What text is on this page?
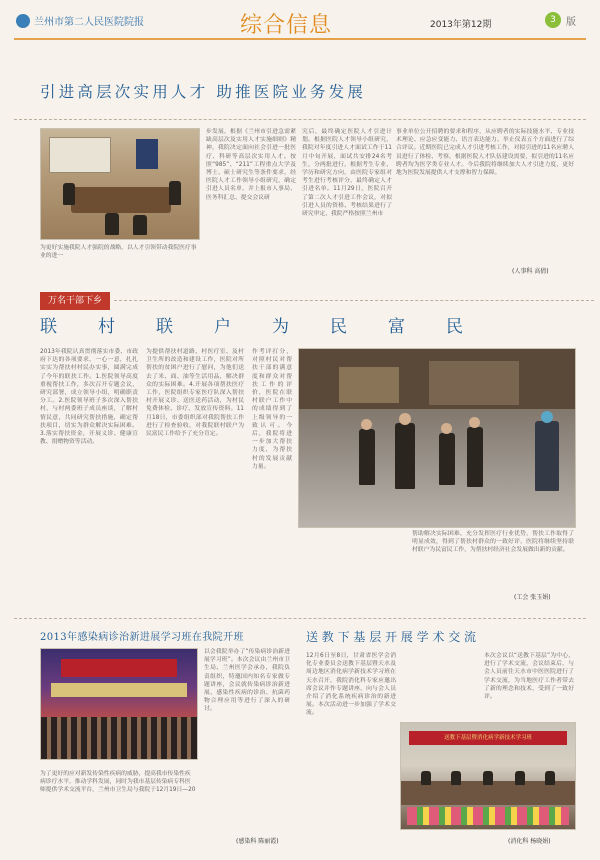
兰州市第二人民医院院报	综合信息	2013年第12期	3	版
引进高层次实用人才 助推医院业务发展
为更好实施我院人才强院的战略，以人才引领带动我院医疗事业的进一
步发展，根据《兰州市引进急需紧缺高层次及实用人才实施细则》精神，我院决定面向社会引进一批医疗、科研等高层次实用人才。按照“985”、“211”工程重点大学及博士、硕士研究生等条件要求，经医院人才工作领导小组研究，确定引进人员名单，并上报市人事局、医务科汇总、提交会议研
究后，最终确定医院人才引进计划。根据医院人才领导小组研究，我院对年度引进人才面试工作于11月中旬开展，面试共安排24名考生，分两批进行，根据考生专业、学历和研究方向，由医院专家组对考生进行考核评分，最终确定人才引进名单。11月29日，医院召开了第二次人才引进工作会议，对拟引进人员的资格、考核结果进行了研究审定，我院严格按照兰州市
事业单位公开招聘的要求和程序，从应聘者的实际技能水平、专业技术理论、应急应变能力、语言表达能力、举止仪表五个方面进行了综合评议。近期医院已完成人才引进考核工作，对拟引进的11名应聘人员进行了体检、考察，根据医院人才队伍建设需要，拟引进的11名应聘者均为医学类专业人才。今后我院将继续加大人才引进力度，更好地为医院发展提供人才支撑和智力保障。
(人事科 高倩)
万名干部下乡
联村联户为民富民
2013年我院认真贯彻落实市委、市政府下达的各项要求，一心一意，扎扎实实为帮扶村村民办实事，圆满完成了今年的联扶工作。1.医院领导高度重视帮扶工作，多次召开专题会议，研究部署，成立领导小组，明确职责分工。2.医院领导班子多次深入帮扶村，与村两委班子成员座谈，了解村情民意，共同研究帮扶措施，确定帮扶项目，切实为群众解决实际困难。3.落实帮扶资金，开展义诊、健康宣教、捐赠物资等活动。
为提供帮扶村道路、村医疗室、及村卫生所的改造和建设工作，医院对所帮扶的贫困户进行了慰问，为他们送去了米、面、油等生活用品，解决群众的实际困难。4.开展各项帮扶医疗工作，医院组织专家医疗队深入帮扶村开展义诊、送医送药活动，为村民免费体检、诊疗，发放宣传资料。11月18日，市委组织部对我院帮扶工作进行了检查验收，对我院联村联户为民富民工作给予了充分肯定。
作考评打分，对照村民对帮扶干部的满意度和群众对帮扶工作的评价，医院在联村联户工作中的成绩得到了上级领导的一致认可。今后，我院将进一步加大帮扶力度，为帮扶村的发展贡献力量。
帮助解决实际困难，充分发挥医疗行业优势，帮扶工作取得了明显成效，得到了帮扶村群众的一致好评，医院将继续坚持联村联户为民富民工作，为帮扶村经济社会发展做出新的贡献。
(工会 张玉娟)
2013年感染病诊治新进展学习班在我院开班
为了更好的应对新发传染性疾病的威胁，提高我市传染性疾病诊疗水平，推动学科发展，同时为我市基层传染病专科医师提供学术交流平台，兰州市卫生局与我院于12月19日—20
以会我院举办了“传染病诊治新进展学习班”。本次会议由兰州市卫生局、兰州医学会承办，我院负责组织，特邀国内知名专家做专题讲座，会议就传染病诊治新进展、感染性疾病的诊治、抗菌药物合理应用等进行了深入的研讨。
(感染科 陈丽霞)
送教下基层开展学术交流
12月6日至8日，甘肃省医学会消化专业委员会送教下基层暨天水及周边地区消化病学新技术学习班在天水召开，我院消化科专家应邀出席会议并作专题讲座，向与会人员介绍了消化系统疾病诊治的新进展。本次活动进一步加强了学术交流。
本次会议以“送教下基层”为中心，进行了学术交流，会议结束后，与会人员前往天水市中医医院进行了学术交流，为当地医疗工作者带去了新的理念和技术，受到了一致好评。
送教下基层暨消化病学新技术学习班
(消化科 杨晓娟)
